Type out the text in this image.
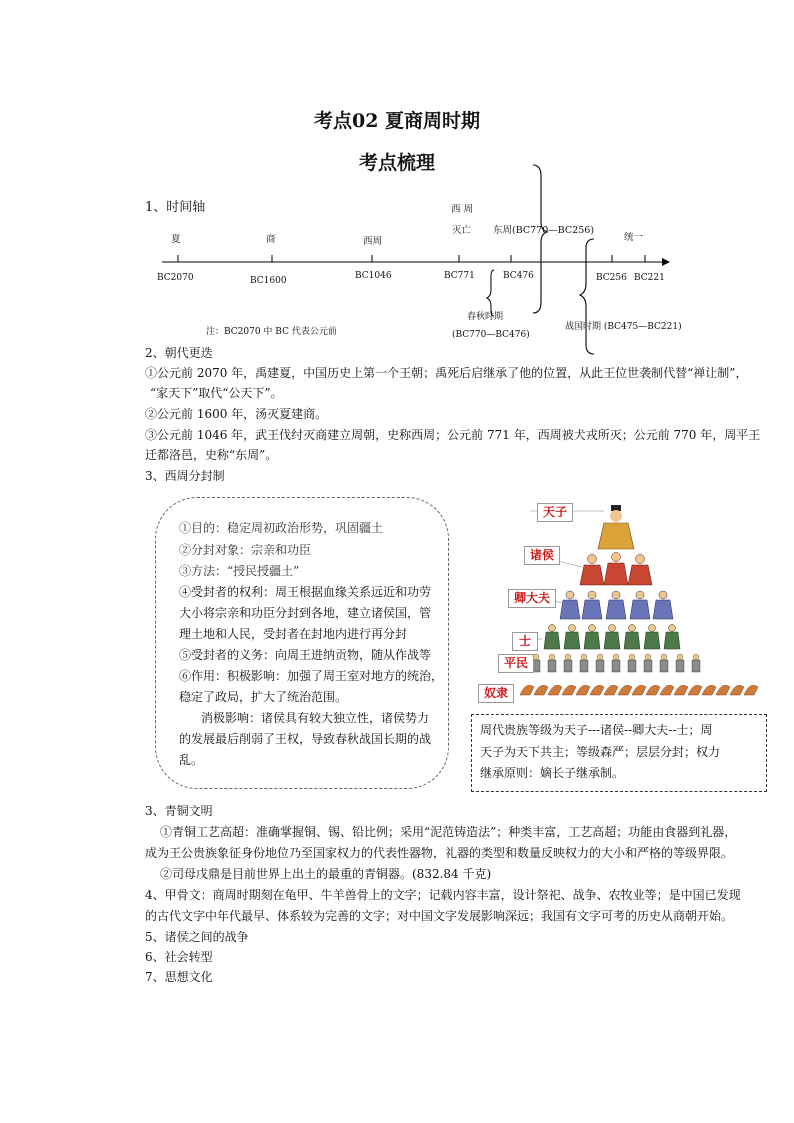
考点02 夏商周时期
考点梳理
1、时间轴
夏	商	西周
西 周
灭亡 东周(BC770—BC256)
统一
BC2070	BC1600	BC1046	BC771	BC476	BC256 BC221
春秋时期
(BC770—BC476)
战国时期 (BC475—BC221)
注：BC2070 中 BC 代表公元前
2、朝代更迭
①公元前 2070 年，禹建夏，中国历史上第一个王朝；禹死后启继承了他的位置，从此王位世袭制代替“禅让制”，
“家天下”取代“公天下”。
②公元前 1600 年，汤灭夏建商。
③公元前 1046 年，武王伐纣灭商建立周朝，史称西周；公元前 771 年，西周被犬戎所灭；公元前 770 年，周平王
迁都洛邑，史称“东周”。
3、西周分封制
①目的：稳定周初政治形势，巩固疆土
②分封对象：宗亲和功臣
③方法：“授民授疆土”
④受封者的权利：周王根据血缘关系远近和功劳
大小将宗亲和功臣分封到各地，建立诸侯国，管
理土地和人民，受封者在封地内进行再分封
⑤受封者的义务：向周王进纳贡物，随从作战等
⑥作用：积极影响：加强了周王室对地方的统治，
稳定了政局，扩大了统治范围。
消极影响：诸侯具有较大独立性，诸侯势力
的发展最后削弱了王权，导致春秋战国长期的战
乱。
天子
诸侯
卿大夫
士
平民
奴隶
周代贵族等级为天子---诸侯--卿大夫--士；周
天子为天下共主；等级森严；层层分封；权力
继承原则：嫡长子继承制。
3、青铜文明
①青铜工艺高超：准确掌握铜、锡、铅比例；采用“泥范铸造法”；种类丰富，工艺高超；功能由食器到礼器，
成为王公贵族象征身份地位乃至国家权力的代表性器物，礼器的类型和数量反映权力的大小和严格的等级界限。
②司母戊鼎是目前世界上出土的最重的青铜器。(832.84 千克)
4、甲骨文：商周时期刻在龟甲、牛羊兽骨上的文字；记载内容丰富，设计祭祀、战争、农牧业等；是中国已发现
的古代文字中年代最早、体系较为完善的文字；对中国文字发展影响深远；我国有文字可考的历史从商朝开始。
5、诸侯之间的战争
6、社会转型
7、思想文化
